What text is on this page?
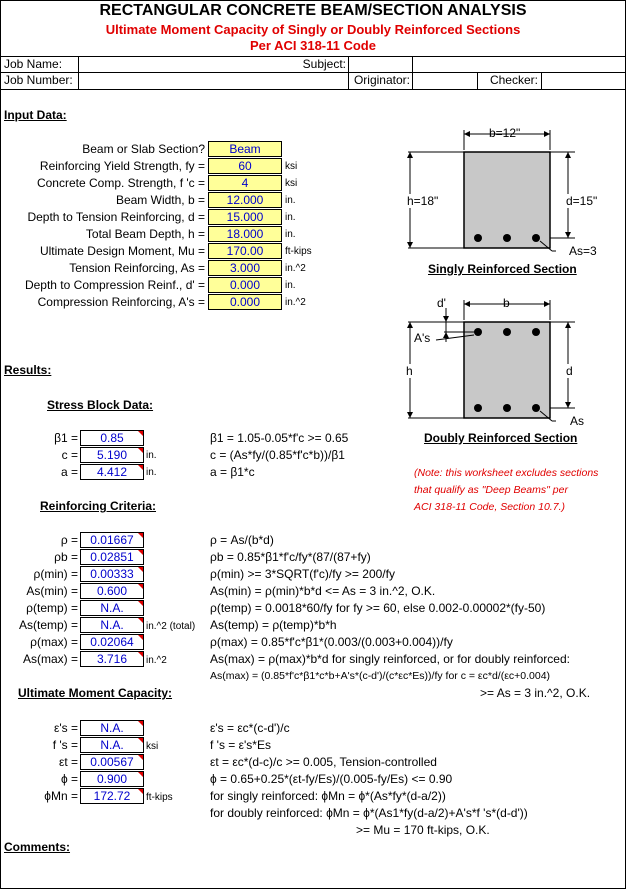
RECTANGULAR CONCRETE BEAM/SECTION ANALYSIS
Ultimate Moment Capacity of Singly or Doubly Reinforced Sections
Per ACI 318-11 Code
Job Name:	Subject:
Job Number:	Originator:	Checker:
Input Data:
Beam or Slab Section?	Beam
Reinforcing Yield Strength, fy =	60	ksi
Concrete Comp. Strength, f 'c =	4	ksi
Beam Width, b =	12.000	in.
Depth to Tension Reinforcing, d =	15.000	in.
Total Beam Depth, h =	18.000	in.
Ultimate Design Moment, Mu =	170.00	ft-kips
Tension Reinforcing, As =	3.000	in.^2
Depth to Compression Reinf., d' =	0.000	in.
Compression Reinforcing, A's =	0.000	in.^2
b=12"
h=18"	d=15"
As=3
Singly Reinforced Section
d'	b
A's
h	d
As
Doubly Reinforced Section
(Note: this worksheet excludes sections
that qualify as "Deep Beams" per
ACI 318-11 Code, Section 10.7.)
Results:
Stress Block Data:
β1 =	0.85	β1 = 1.05-0.05*f'c >= 0.65
c =	5.190	in.	c = (As*fy/(0.85*f'c*b))/β1
a =	4.412	in.	a = β1*c
Reinforcing Criteria:
ρ =	0.01667	ρ = As/(b*d)
ρb =	0.02851	ρb = 0.85*β1*f'c/fy*(87/(87+fy)
ρ(min) =	0.00333	ρ(min) >= 3*SQRT(f'c)/fy >= 200/fy
As(min) =	0.600	As(min) = ρ(min)*b*d <= As = 3 in.^2, O.K.
ρ(temp) =	N.A.	ρ(temp) = 0.0018*60/fy for fy >= 60, else 0.002-0.00002*(fy-50)
As(temp) =	N.A.	in.^2 (total) As(temp) = ρ(temp)*b*h
ρ(max) =	0.02064	ρ(max) = 0.85*f'c*β1*(0.003/(0.003+0.004))/fy
As(max) =	3.716	in.^2	As(max) = ρ(max)*b*d for singly reinforced, or for doubly reinforced:
As(max) = (0.85*f'c*β1*c*b+A's*(c-d')/(c*εc*Es))/fy for c = εc*d/(εc+0.004)
>= As = 3 in.^2, O.K.
Ultimate Moment Capacity:
ε's =	N.A.	ε's = εc*(c-d')/c
f 's =	N.A.	ksi	f 's = ε's*Es
εt =	0.00567	εt = εc*(d-c)/c >= 0.005, Tension-controlled
ϕ =	0.900	ϕ = 0.65+0.25*(εt-fy/Es)/(0.005-fy/Es) <= 0.90
ϕMn =	172.72	ft-kips	for singly reinforced: ϕMn = ϕ*(As*fy*(d-a/2))
for doubly reinforced: ϕMn = ϕ*(As1*fy(d-a/2)+A's*f 's*(d-d'))
>= Mu = 170 ft-kips, O.K.
Comments:
